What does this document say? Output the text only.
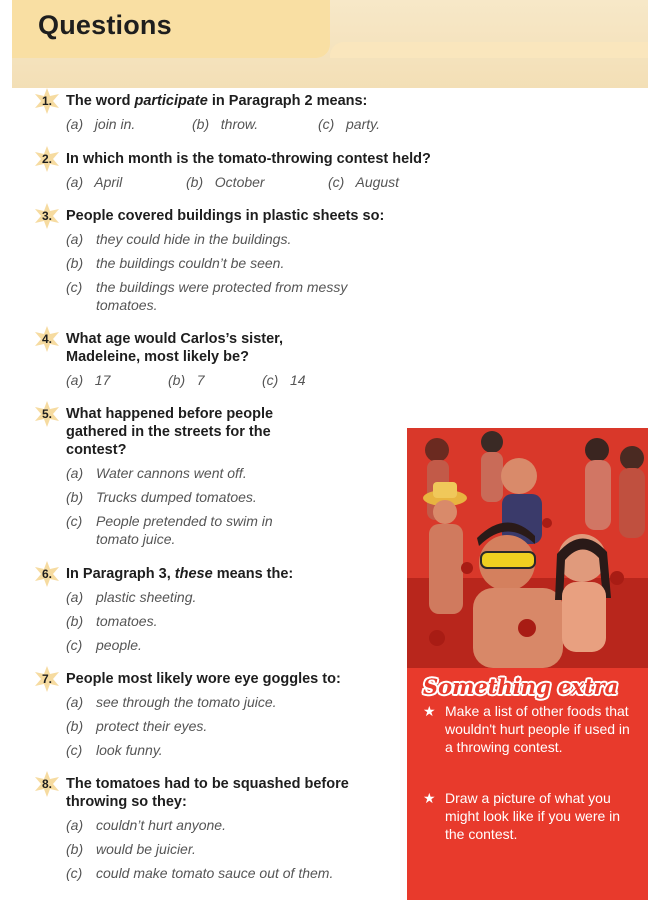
Questions
1. The word participate in Paragraph 2 means:
(a) join in.	(b) throw.	(c) party.
2. In which month is the tomato-throwing contest held?
(a) April	(b) October	(c) August
3. People covered buildings in plastic sheets so:
(a) they could hide in the buildings.
(b) the buildings couldn’t be seen.
(c) the buildings were protected from messy tomatoes.
4. What age would Carlos’s sister, Madeleine, most likely be?
(a) 17	(b) 7	(c) 14
5. What happened before people gathered in the streets for the contest?
(a) Water cannons went off.
(b) Trucks dumped tomatoes.
(c) People pretended to swim in tomato juice.
6. In Paragraph 3, these means the:
(a) plastic sheeting.
(b) tomatoes.
(c) people.
7. People most likely wore eye goggles to:
(a) see through the tomato juice.
(b) protect their eyes.
(c) look funny.
8. The tomatoes had to be squashed before throwing so they:
(a) couldn’t hurt anyone.
(b) would be juicier.
(c) could make tomato sauce out of them.
Something extra
★ Make a list of other foods that wouldn't hurt people if used in a throwing contest.
★ Draw a picture of what you might look like if you were in the contest.
